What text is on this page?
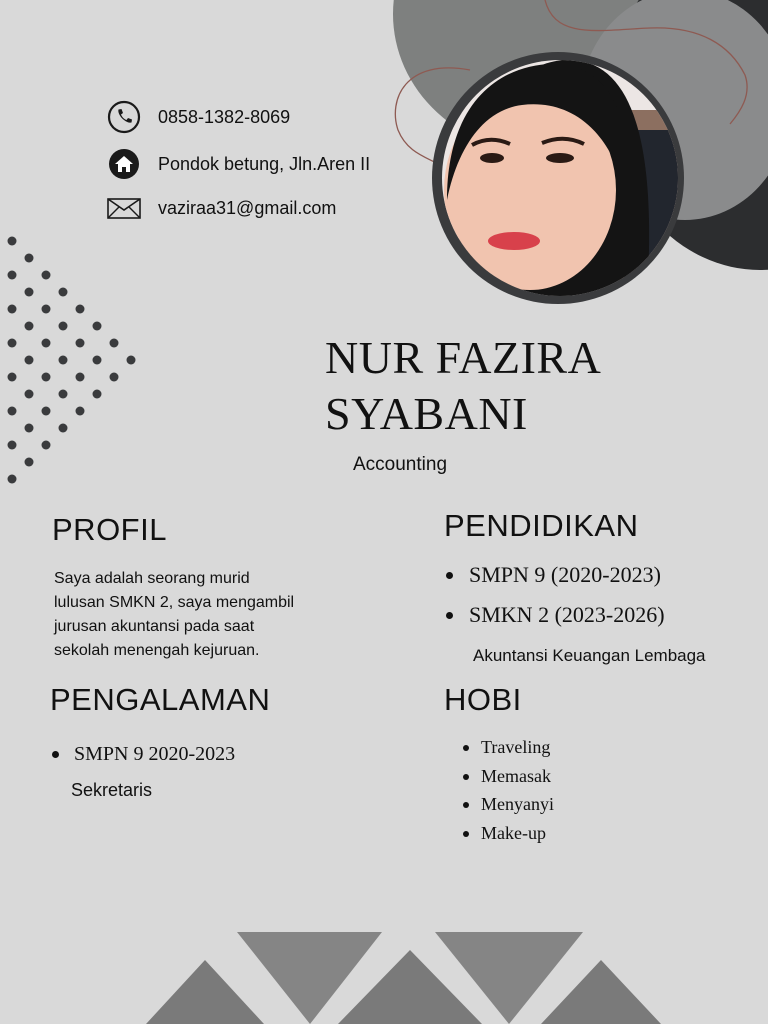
0858-1382-8069
Pondok betung, Jln.Aren II
vaziraa31@gmail.com
NUR FAZIRA
SYABANI
Accounting
PROFIL
Saya adalah seorang murid
lulusan SMKN 2, saya mengambil
jurusan akuntansi pada saat
sekolah menengah kejuruan.
PENDIDIKAN
SMPN 9 (2020-2023)
SMKN 2 (2023-2026)
Akuntansi Keuangan Lembaga
PENGALAMAN
SMPN 9 2020-2023
Sekretaris
HOBI
Traveling
Memasak
Menyanyi
Make-up
